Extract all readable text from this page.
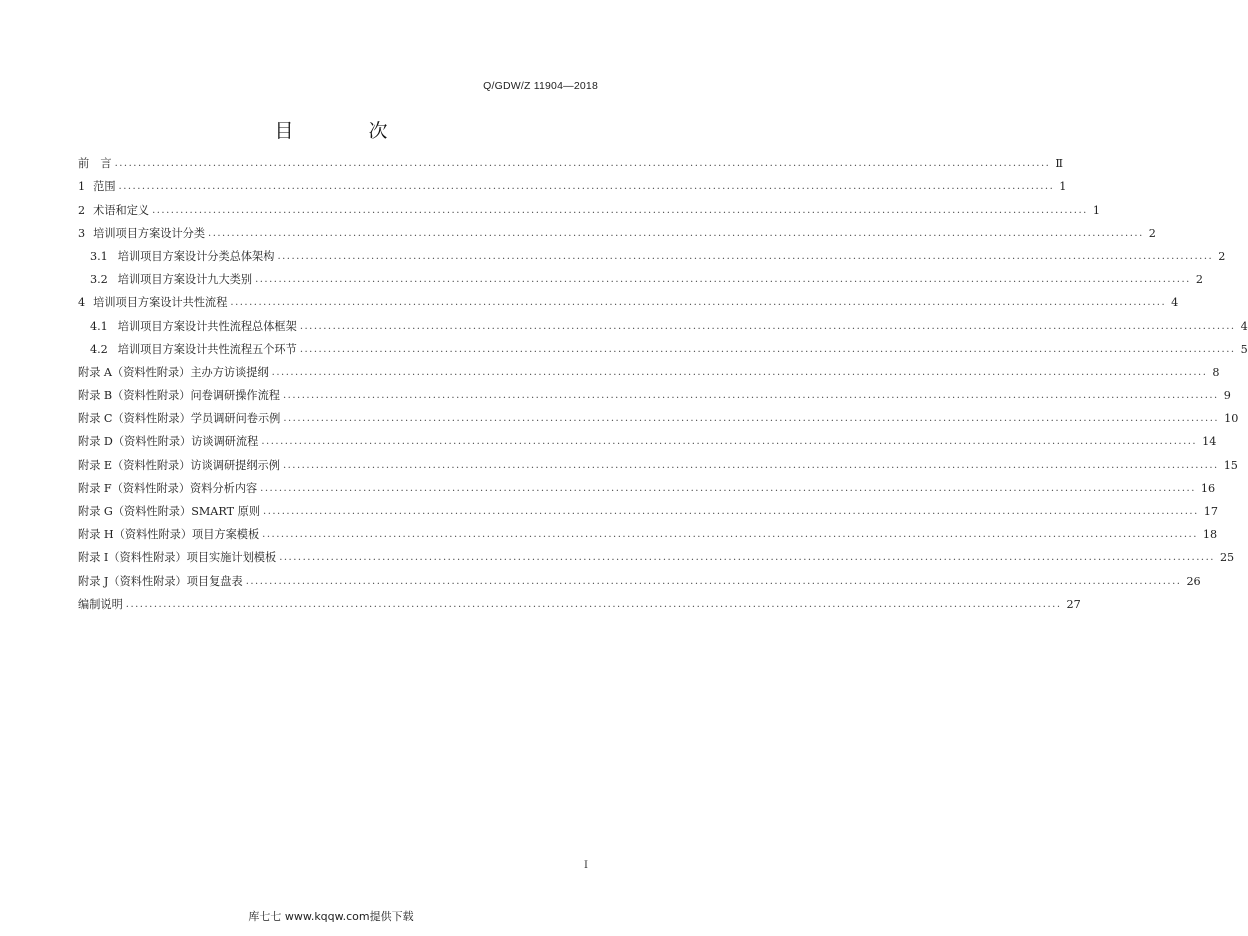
Q/GDW/Z 11904—2018
目　次
前　言 ........................................................................................................................................................................................................ Ⅱ
1 范围 ........................................................................................................................................................................................................ 1
2 术语和定义 ........................................................................................................................................................................................................ 1
3 培训项目方案设计分类 ........................................................................................................................................................................................................ 2
3.1 培训项目方案设计分类总体架构 ........................................................................................................................................................................................................ 2
3.2 培训项目方案设计九大类别 ........................................................................................................................................................................................................ 2
4 培训项目方案设计共性流程 ........................................................................................................................................................................................................ 4
4.1 培训项目方案设计共性流程总体框架 ........................................................................................................................................................................................................ 4
4.2 培训项目方案设计共性流程五个环节 ........................................................................................................................................................................................................ 5
附录 A（资料性附录） 主办方访谈提纲 ........................................................................................................................................................................................................ 8
附录 B（资料性附录） 问卷调研操作流程 ........................................................................................................................................................................................................ 9
附录 C（资料性附录） 学员调研问卷示例 ........................................................................................................................................................................................................ 10
附录 D（资料性附录） 访谈调研流程 ........................................................................................................................................................................................................ 14
附录 E（资料性附录） 访谈调研提纲示例 ........................................................................................................................................................................................................ 15
附录 F（资料性附录） 资料分析内容 ........................................................................................................................................................................................................ 16
附录 G（资料性附录） SMART 原则 ........................................................................................................................................................................................................ 17
附录 H（资料性附录） 项目方案模板 ........................................................................................................................................................................................................ 18
附录 I（资料性附录） 项目实施计划模板 ........................................................................................................................................................................................................ 25
附录 J（资料性附录） 项目复盘表 ........................................................................................................................................................................................................ 26
编制说明 ........................................................................................................................................................................................................ 27
I
库七七 www.kqqw.com提供下载
